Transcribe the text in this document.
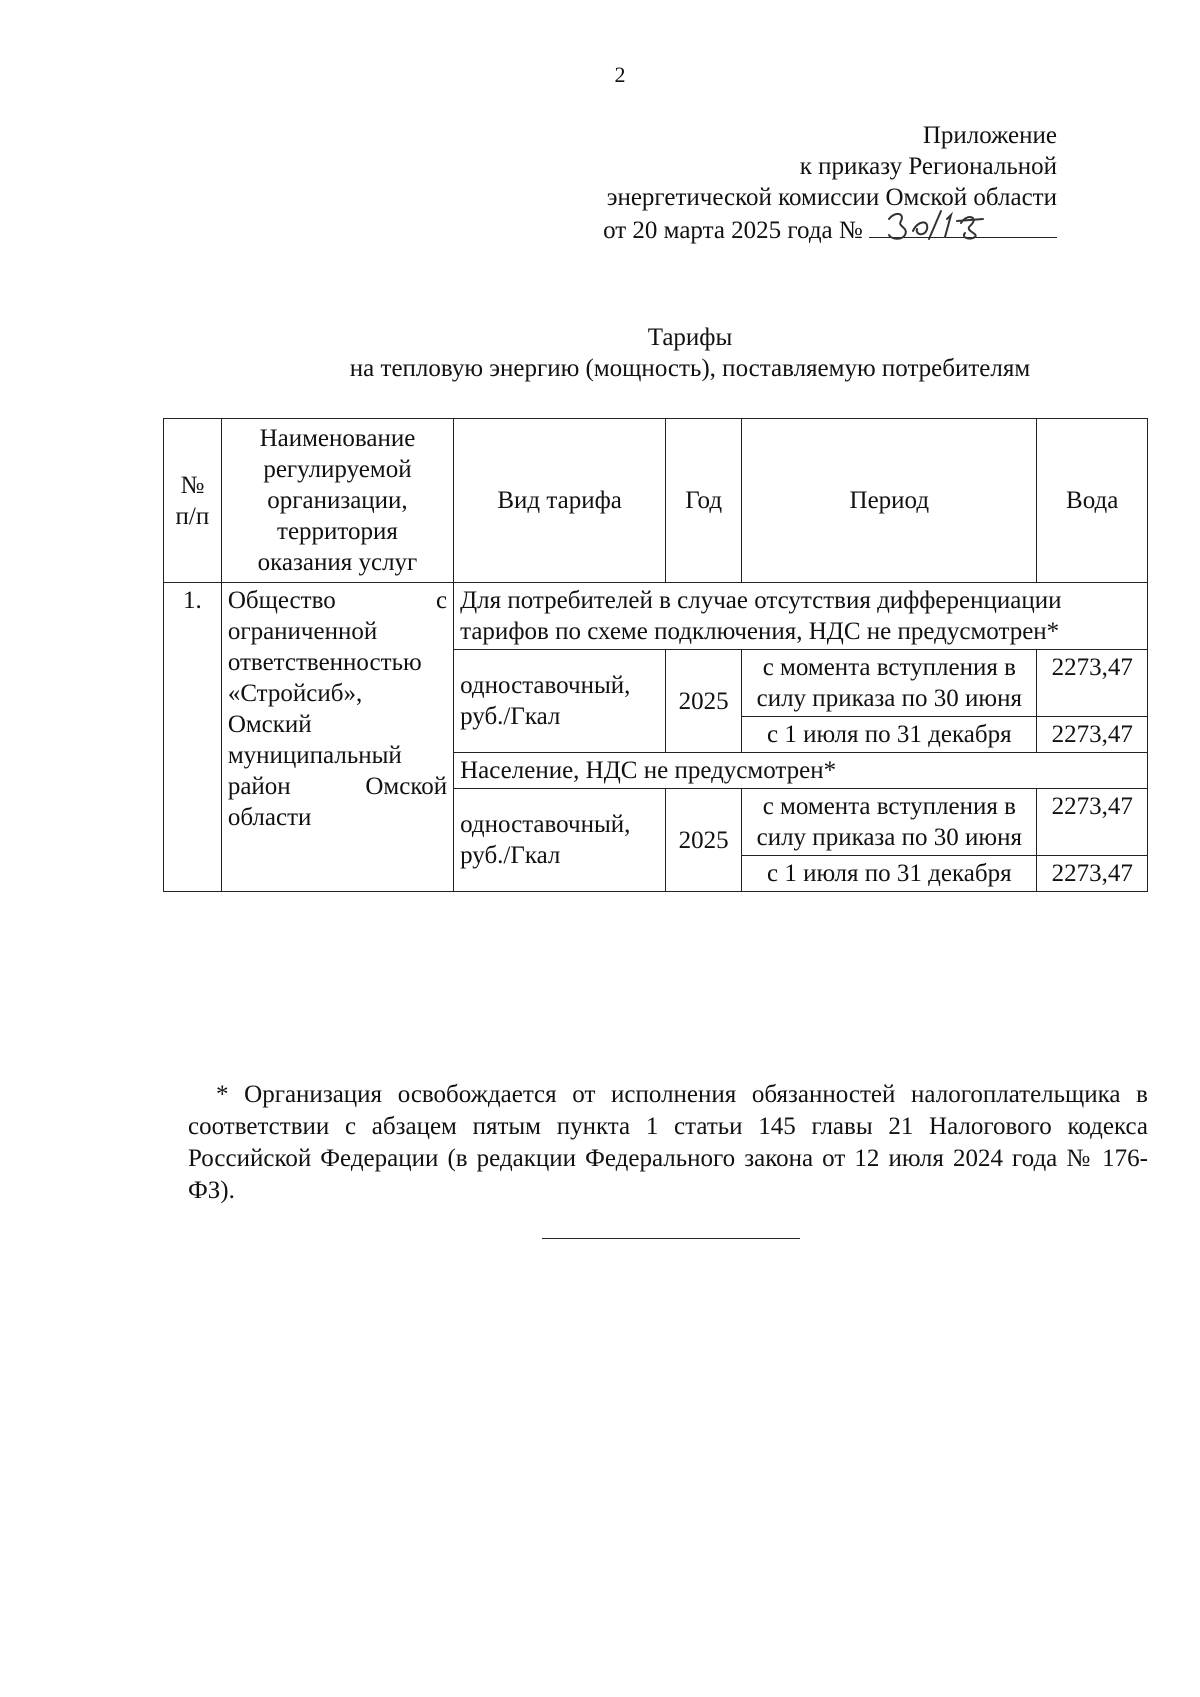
2
Приложение
к приказу Региональной
энергетической комиссии Омской области
от 20 марта 2025 года №
Тарифы
на тепловую энергию (мощность), поставляемую потребителям
№ п/п	Наименование регулируемой организации, территория оказания услуг	Вид тарифа	Год	Период	Вода
1.	Общество с ограниченной ответственностью «Стройсиб», Омский муниципальный район Омской области	Для потребителей в случае отсутствия дифференциации тарифов по схеме подключения, НДС не предусмотрен*			
		одноставочный, руб./Гкал	2025	с момента вступления в силу приказа по 30 июня	2273,47
				с 1 июля по 31 декабря	2273,47
		Население, НДС не предусмотрен*			
		одноставочный, руб./Гкал	2025	с момента вступления в силу приказа по 30 июня	2273,47
				с 1 июля по 31 декабря	2273,47
* Организация освобождается от исполнения обязанностей налогоплательщика в соответствии с абзацем пятым пункта 1 статьи 145 главы 21 Налогового кодекса Российской Федерации (в редакции Федерального закона от 12 июля 2024 года № 176-ФЗ).
